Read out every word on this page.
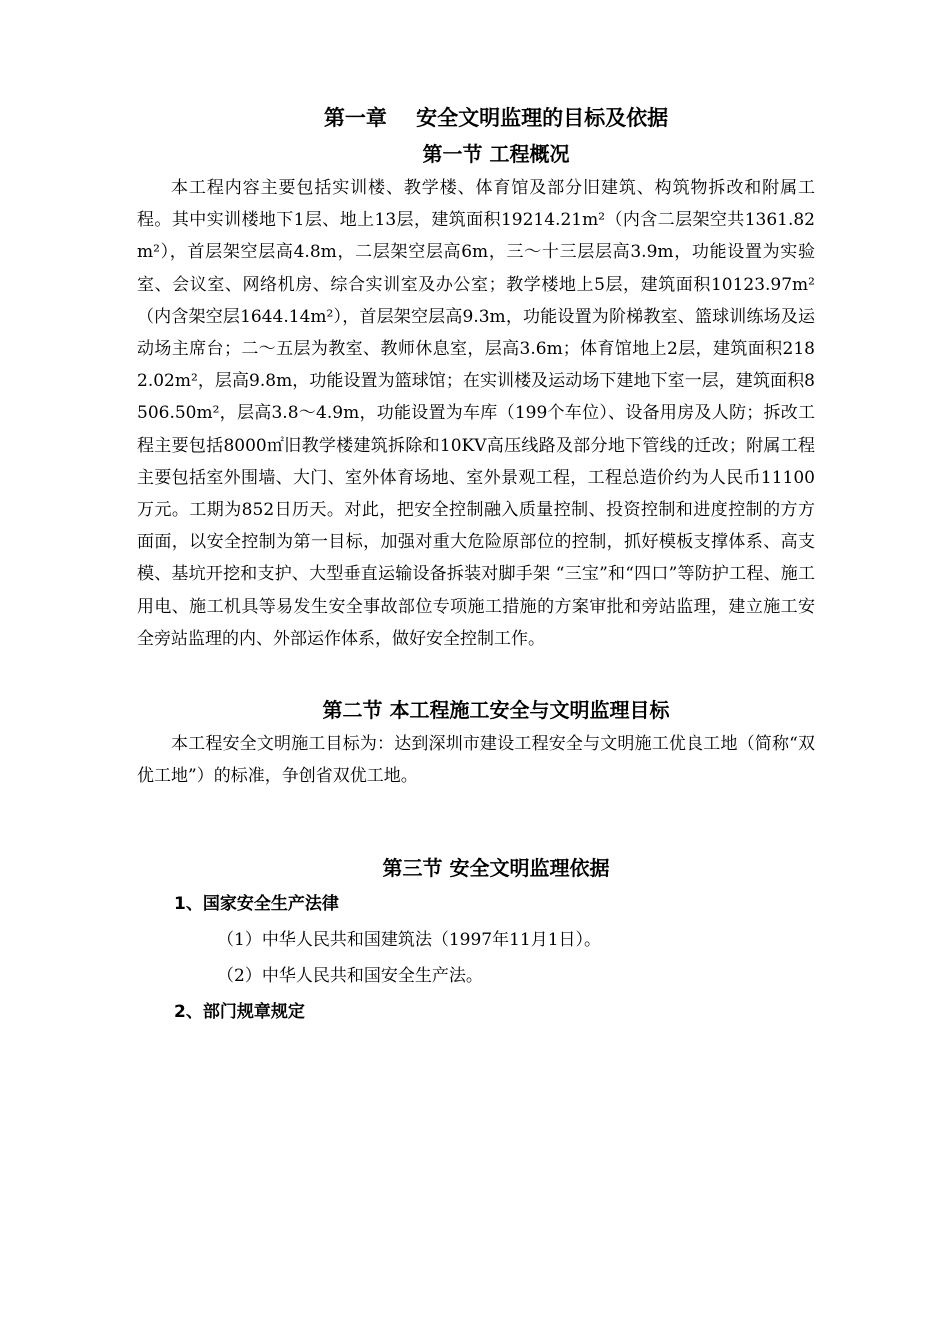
第一章    安全文明监理的目标及依据
第一节 工程概况

本工程内容主要包括实训楼、教学楼、体育馆及部分旧建筑、构筑物拆改和附属工程。其中实训楼地下1层、地上13层，建筑面积19214.21m²（内含二层架空共1361.82m²），首层架空层高4.8m，二层架空层高6m，三～十三层层高3.9m，功能设置为实验室、会议室、网络机房、综合实训室及办公室；教学楼地上5层，建筑面积10123.97m²（内含架空层1644.14m²），首层架空层高9.3m，功能设置为阶梯教室、篮球训练场及运动场主席台；二～五层为教室、教师休息室，层高3.6m；体育馆地上2层，建筑面积2182.02m²，层高9.8m，功能设置为篮球馆；在实训楼及运动场下建地下室一层，建筑面积8506.50m²，层高3.8～4.9m，功能设置为车库（199个车位）、设备用房及人防；拆改工程主要包括8000㎡旧教学楼建筑拆除和10KV高压线路及部分地下管线的迁改；附属工程主要包括室外围墙、大门、室外体育场地、室外景观工程，工程总造价约为人民币11100万元。工期为852日历天。对此，把安全控制融入质量控制、投资控制和进度控制的方方面面，以安全控制为第一目标，加强对重大危险原部位的控制，抓好模板支撑体系、高支模、基坑开挖和支护、大型垂直运输设备拆装对脚手架 “三宝”和“四口”等防护工程、施工用电、施工机具等易发生安全事故部位专项施工措施的方案审批和旁站监理，建立施工安全旁站监理的内、外部运作体系，做好安全控制工作。

第二节 本工程施工安全与文明监理目标

本工程安全文明施工目标为：达到深圳市建设工程安全与文明施工优良工地（简称“双优工地”）的标准，争创省双优工地。

第三节 安全文明监理依据

1、国家安全生产法律

（1）中华人民共和国建筑法（1997年11月1日）。

（2）中华人民共和国安全生产法。

2、部门规章规定
